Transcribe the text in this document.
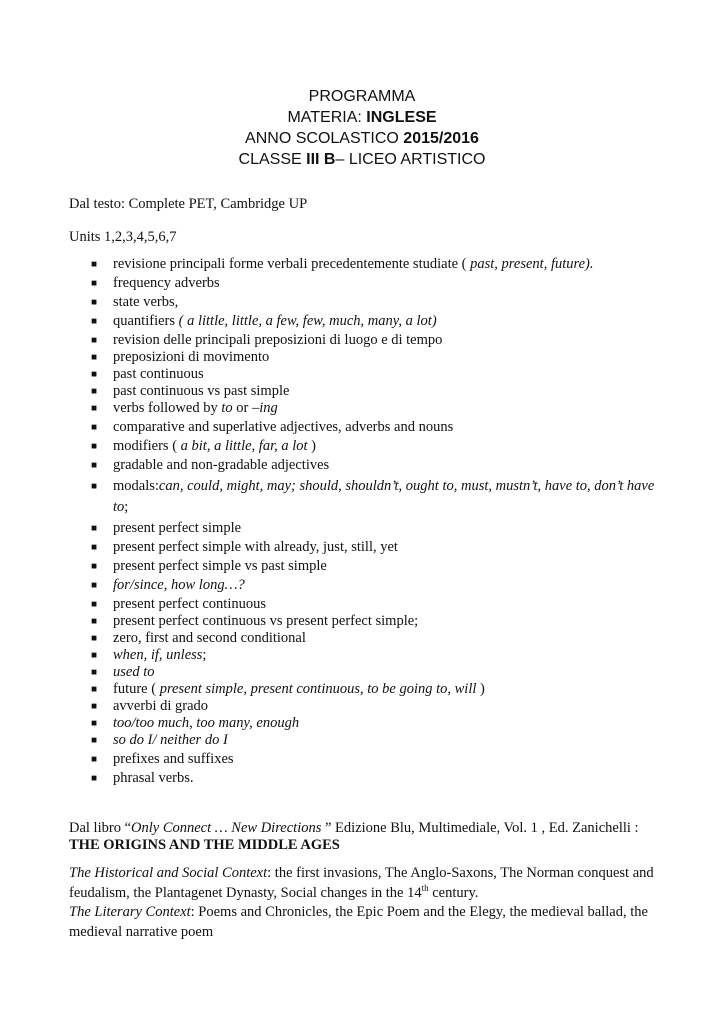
PROGRAMMA
MATERIA: INGLESE
ANNO SCOLASTICO 2015/2016
CLASSE III B– LICEO ARTISTICO
Dal testo: Complete PET, Cambridge UP
Units 1,2,3,4,5,6,7
■ revisione principali forme verbali precedentemente studiate ( past, present, future).
■ frequency adverbs
■ state verbs,
■ quantifiers ( a little, little, a few, few, much, many, a lot)
■ revision delle principali preposizioni di luogo e di tempo
■ preposizioni di movimento
■ past continuous
■ past continuous vs past simple
■ verbs followed by to or –ing
■ comparative and superlative adjectives, adverbs and nouns
■ modifiers ( a bit, a little, far, a lot )
■ gradable and non-gradable adjectives
■ modals:can, could, might, may; should, shouldn’t, ought to, must, mustn’t, have to, don’t have to;
■ present perfect simple
■ present perfect simple with already, just, still, yet
■ present perfect simple vs past simple
■ for/since, how long…?
■ present perfect continuous
■ present perfect continuous vs present perfect simple;
■ zero, first and second conditional
■ when, if, unless;
■ used to
■ future ( present simple, present continuous, to be going to, will )
■ avverbi di grado
■ too/too much, too many, enough
■ so do I/ neither do I
■ prefixes and suffixes
■ phrasal verbs.
Dal libro “Only Connect … New Directions ” Edizione Blu, Multimediale, Vol. 1 , Ed. Zanichelli :
THE ORIGINS AND THE MIDDLE AGES
The Historical and Social Context: the first invasions, The Anglo-Saxons, The Norman conquest and feudalism, the Plantagenet Dynasty, Social changes in the 14th century.
The Literary Context: Poems and Chronicles, the Epic Poem and the Elegy, the medieval ballad, the medieval narrative poem
